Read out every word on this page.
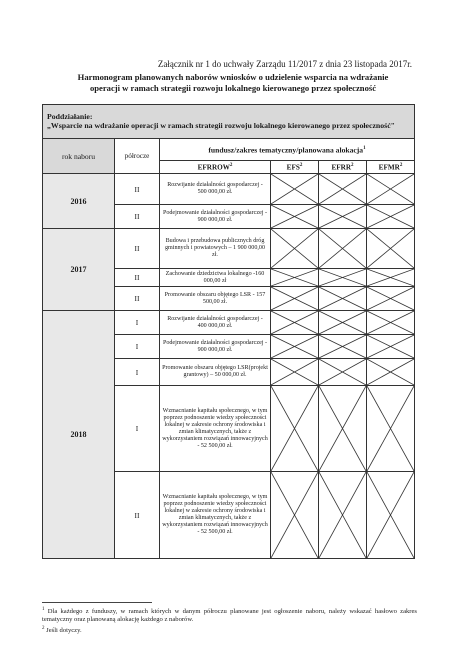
Załącznik nr 1 do uchwały Zarządu 11/2017 z dnia 23 listopada 2017r.

Harmonogram planowanych naborów wniosków o udzielenie wsparcia na wdrażanie
operacji w ramach strategii rozwoju lokalnego kierowanego przez społeczność
Poddziałanie:
„Wsparcie na wdrażanie operacji w ramach strategii rozwoju lokalnego kierowanego przez społeczność"					

rok naboru	półrocze	fundusz/zakres tematyczny/planowana alokacja$^1$
		EFRROW$^2$	EFS$^2$	EFRR$^2$	EFMR$^2$
2016	II	Rozwijanie działalności gospodarczej - 500 000,00 zł.	

	II	Podejmowanie działalności gospodarczej - 900 000,00 zł.	

2017	II	Budowa i przebudowa publicznych dróg gminnych i powiatowych – 1 900 000,00 zł.	

	II	Zachowanie dziedzictwa lokalnego -160 000,00 zł	

	II	Promowanie obszaru objętego LSR - 157 500,00 zł.	

2018	I	Rozwijanie działalności gospodarczej - 400 000,00 zł.	

	I	Podejmowanie działalności gospodarczej - 900 000,00 zł.	

	I	Promowanie obszaru objętego LSR(projekt grantowy) – 50 000,00 zł.	

	I	Wzmacnianie kapitału społecznego, w tym poprzez podnoszenie wiedzy społeczności lokalnej w zakresie ochrony środowiska i zmian klimatycznych, także z wykorzystaniem rozwiązań innowacyjnych - 52 500,00 zł.	

	II	Wzmacnianie kapitału społecznego, w tym poprzez podnoszenie wiedzy społeczności lokalnej w zakresie ochrony środowiska i zmian klimatycznych, także z wykorzystaniem rozwiązań innowacyjnych - 52 500,00 zł.	

$^1$ Dla każdego z funduszy, w ramach których w danym półroczu planowane jest ogłoszenie naboru, należy wskazać hasłowo zakres tematyczny oraz planowaną alokację każdego z naborów.

$^2$ Jeśli dotyczy.
